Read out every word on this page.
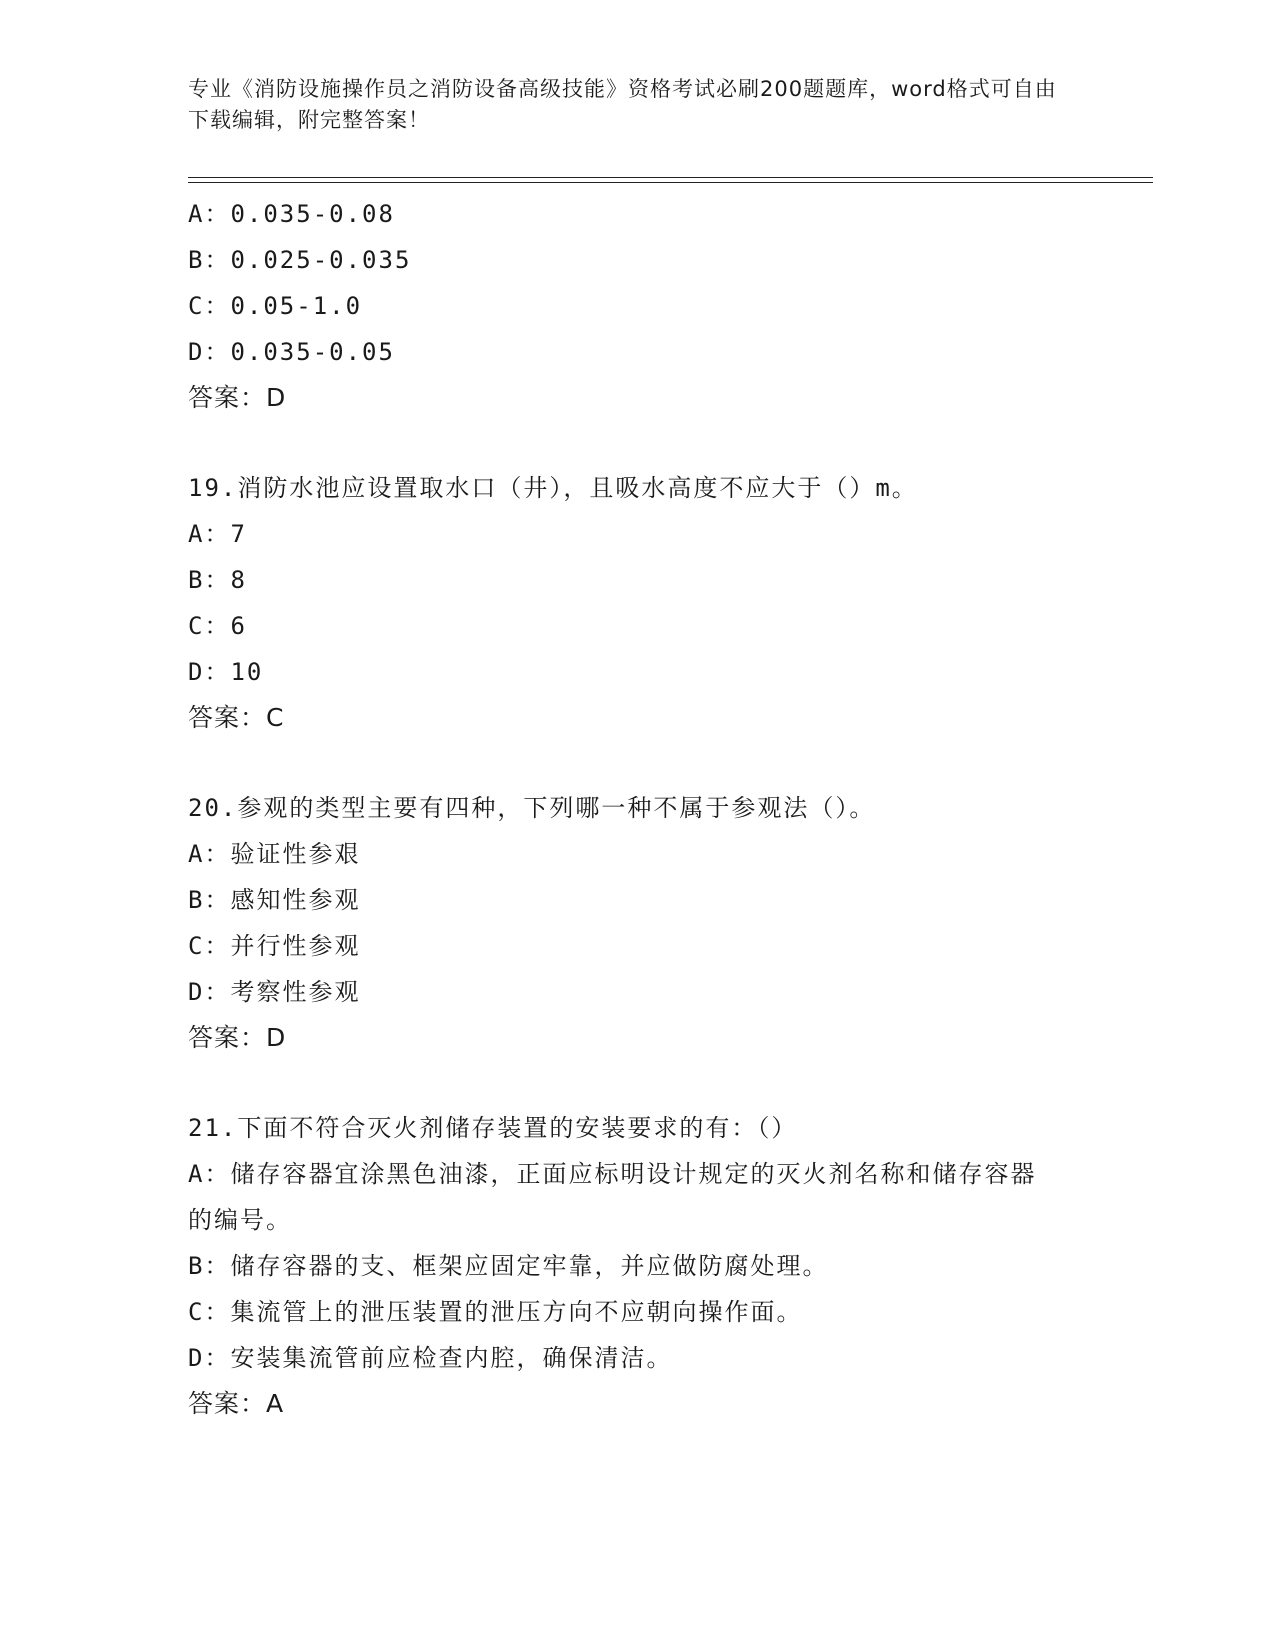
专业《消防设施操作员之消防设备高级技能》资格考试必刷200题题库，word格式可自由下载编辑，附完整答案！
A：0.035-0.08
B：0.025-0.035
C：0.05-1.0
D：0.035-0.05
答案：D
19.消防水池应设置取水口（井），且吸水高度不应大于（）m。
A：7
B：8
C：6
D：10
答案：C
20.参观的类型主要有四种，下列哪一种不属于参观法（）。
A：验证性参艰
B：感知性参观
C：并行性参观
D：考察性参观
答案：D
21.下面不符合灭火剂储存装置的安装要求的有：（）
A：储存容器宜涂黑色油漆，正面应标明设计规定的灭火剂名称和储存容器的编号。
B：储存容器的支、框架应固定牢靠，并应做防腐处理。
C：集流管上的泄压装置的泄压方向不应朝向操作面。
D：安装集流管前应检查内腔，确保清洁。
答案：A
